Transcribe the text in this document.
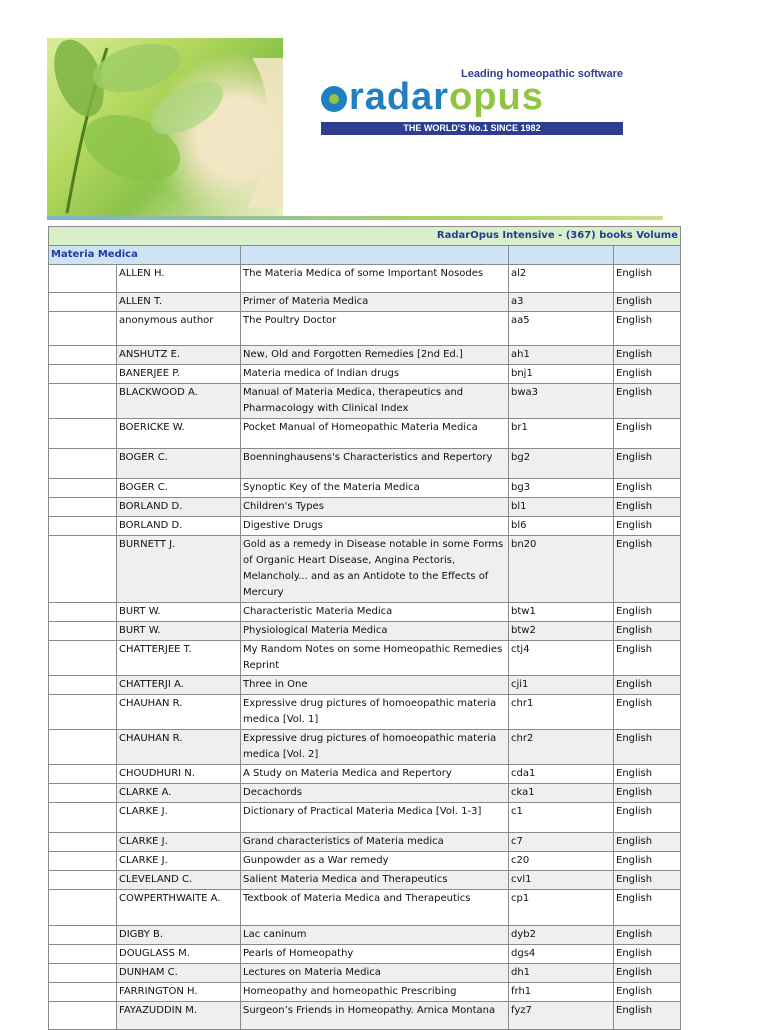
Leading homeopathic software
radaropus
THE WORLD'S No.1 SINCE 1982
RadarOpus Intensive - (367) books Volume				
Materia Medica				
	ALLEN H.	The Materia Medica of some Important Nosodes	al2	English
	ALLEN T.	Primer of Materia Medica	a3	English
	anonymous author	The Poultry Doctor	aa5	English
	ANSHUTZ E.	New, Old and Forgotten Remedies [2nd Ed.]	ah1	English
	BANERJEE P.	Materia medica of Indian drugs	bnj1	English
	BLACKWOOD A.	Manual of Materia Medica, therapeutics and Pharmacology with Clinical Index	bwa3	English
	BOERICKE W.	Pocket Manual of Homeopathic Materia Medica	br1	English
	BOGER C.	Boenninghausens's Characteristics and Repertory	bg2	English
	BOGER C.	Synoptic Key of the Materia Medica	bg3	English
	BORLAND D.	Children's Types	bl1	English
	BORLAND D.	Digestive Drugs	bl6	English
	BURNETT J.	Gold as a remedy in Disease notable in some Forms of Organic Heart Disease, Angina Pectoris, Melancholy... and as an Antidote to the Effects of Mercury	bn20	English
	BURT W.	Characteristic Materia Medica	btw1	English
	BURT W.	Physiological Materia Medica	btw2	English
	CHATTERJEE T.	My Random Notes on some Homeopathic Remedies Reprint	ctj4	English
	CHATTERJI A.	Three in One	cji1	English
	CHAUHAN R.	Expressive drug pictures of homoeopathic materia medica [Vol. 1]	chr1	English
	CHAUHAN R.	Expressive drug pictures of homoeopathic materia medica [Vol. 2]	chr2	English
	CHOUDHURI N.	A Study on Materia Medica and Repertory	cda1	English
	CLARKE A.	Decachords	cka1	English
	CLARKE J.	Dictionary of Practical Materia Medica [Vol. 1-3]	c1	English
	CLARKE J.	Grand characteristics of Materia medica	c7	English
	CLARKE J.	Gunpowder as a War remedy	c20	English
	CLEVELAND C.	Salient Materia Medica and Therapeutics	cvl1	English
	COWPERTHWAITE A.	Textbook of Materia Medica and Therapeutics	cp1	English
	DIGBY B.	Lac caninum	dyb2	English
	DOUGLASS M.	Pearls of Homeopathy	dgs4	English
	DUNHAM C.	Lectures on Materia Medica	dh1	English
	FARRINGTON H.	Homeopathy and homeopathic Prescribing	frh1	English
	FAYAZUDDIN M.	Surgeon’s Friends in Homeopathy. Arnica Montana	fyz7	English
